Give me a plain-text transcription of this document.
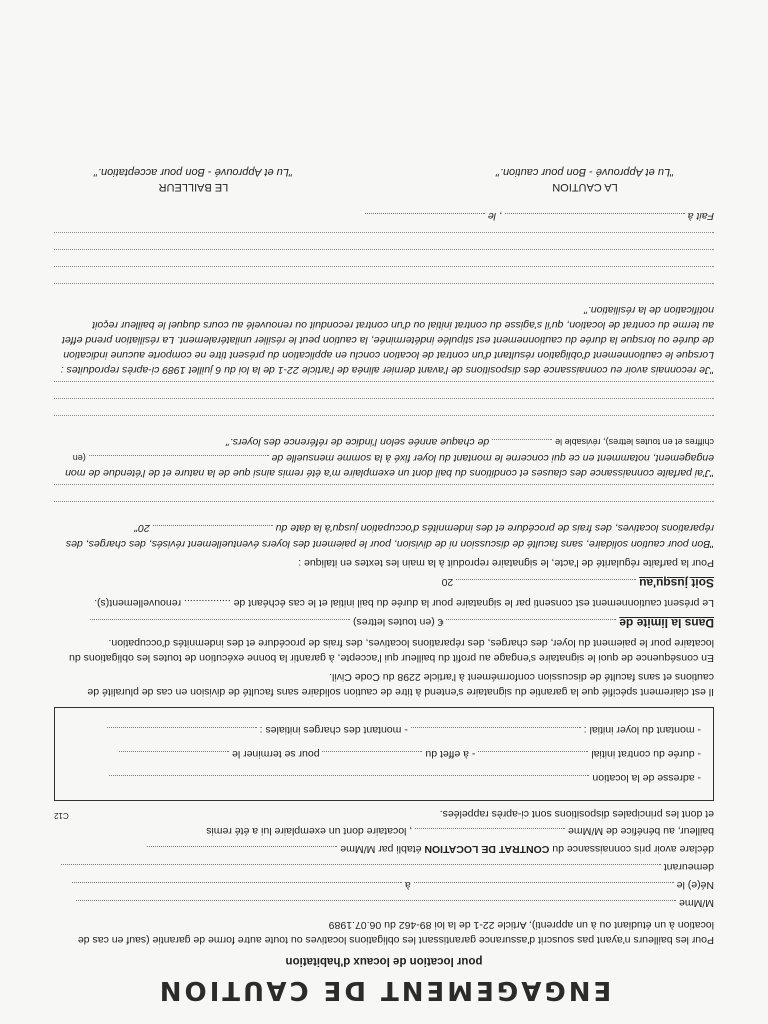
ENGAGEMENT DE CAUTION
pour location de locaux d'habitation

Pour les bailleurs n'ayant pas souscrit d'assurance garantissant les obligations locatives ou toute autre forme de garantie (sauf en cas de location à un étudiant ou à un apprenti), Article 22-1 de la loi 89-462 du 06.07.1989

M/Mme
Né(e) le  à
demeurant
déclare avoir pris connaissance du CONTRAT DE LOCATION établi par M/Mme
bailleur, au bénéfice de M/Mme  , locataire dont un exemplaire lui a été remis
et dont les principales dispositions sont ci-après rappelées.
C12
- adresse de la location
- durée du contrat initial  - à effet du  pour se terminer le
- montant du loyer initial :  - montant des charges initiales :

Il est clairement spécifié que la garantie du signataire s'entend à titre de caution solidaire sans faculté de division en cas de pluralité de cautions et sans faculté de discussion conformément à l'article 2298 du Code Civil.

En conséquence de quoi le signataire s'engage au profit du bailleur qui l'accepte, à garantir la bonne exécution de toutes les obligations du locataire pour le paiement du loyer, des charges, des réparations locatives, des frais de procédure et des indemnités d'occupation.

Dans la limite de  € (en toutes lettres)

Le présent cautionnement est consenti par le signataire pour la durée du bail initial et le cas échéant de ................ renouvellement(s).

Soit jusqu'au  20

Pour la parfaite régularité de l'acte, le signataire reproduit à la main les textes en italique :

"Bon pour caution solidaire, sans faculté de discussion ni de division, pour le paiement des loyers éventuellement révisés, des charges, des réparations locatives, des frais de procédure et des indemnités d'occupation jusqu'à la date du  20"

"J'ai parfaite connaissance des clauses et conditions du bail dont un exemplaire m'a été remis ainsi que de la nature et de l'étendue de mon engagement, notamment en ce qui concerne le montant du loyer fixé à la somme mensuelle de  (en chiffres et en toutes lettres), révisable le  de chaque année selon l'indice de référence des loyers."

"Je reconnais avoir eu connaissance des dispositions de l'avant dernier alinéa de l'article 22-1 de la loi du 6 juillet 1989 ci-après reproduites : Lorsque le cautionnement d'obligation résultant d'un contrat de location conclu en application du présent titre ne comporte aucune indication de durée ou lorsque la durée du cautionnement est stipulée indéterminée, la caution peut le résilier unilatéralement. La résiliation prend effet au terme du contrat de location, qu'il s'agisse du contrat initial ou d'un contrat reconduit ou renouvelé au cours duquel le bailleur reçoit notification de la résiliation."

Fait à  , le
LA CAUTION
"Lu et Approuvé - Bon pour caution."
LE BAILLEUR
"Lu et Approuvé - Bon pour acceptation."
